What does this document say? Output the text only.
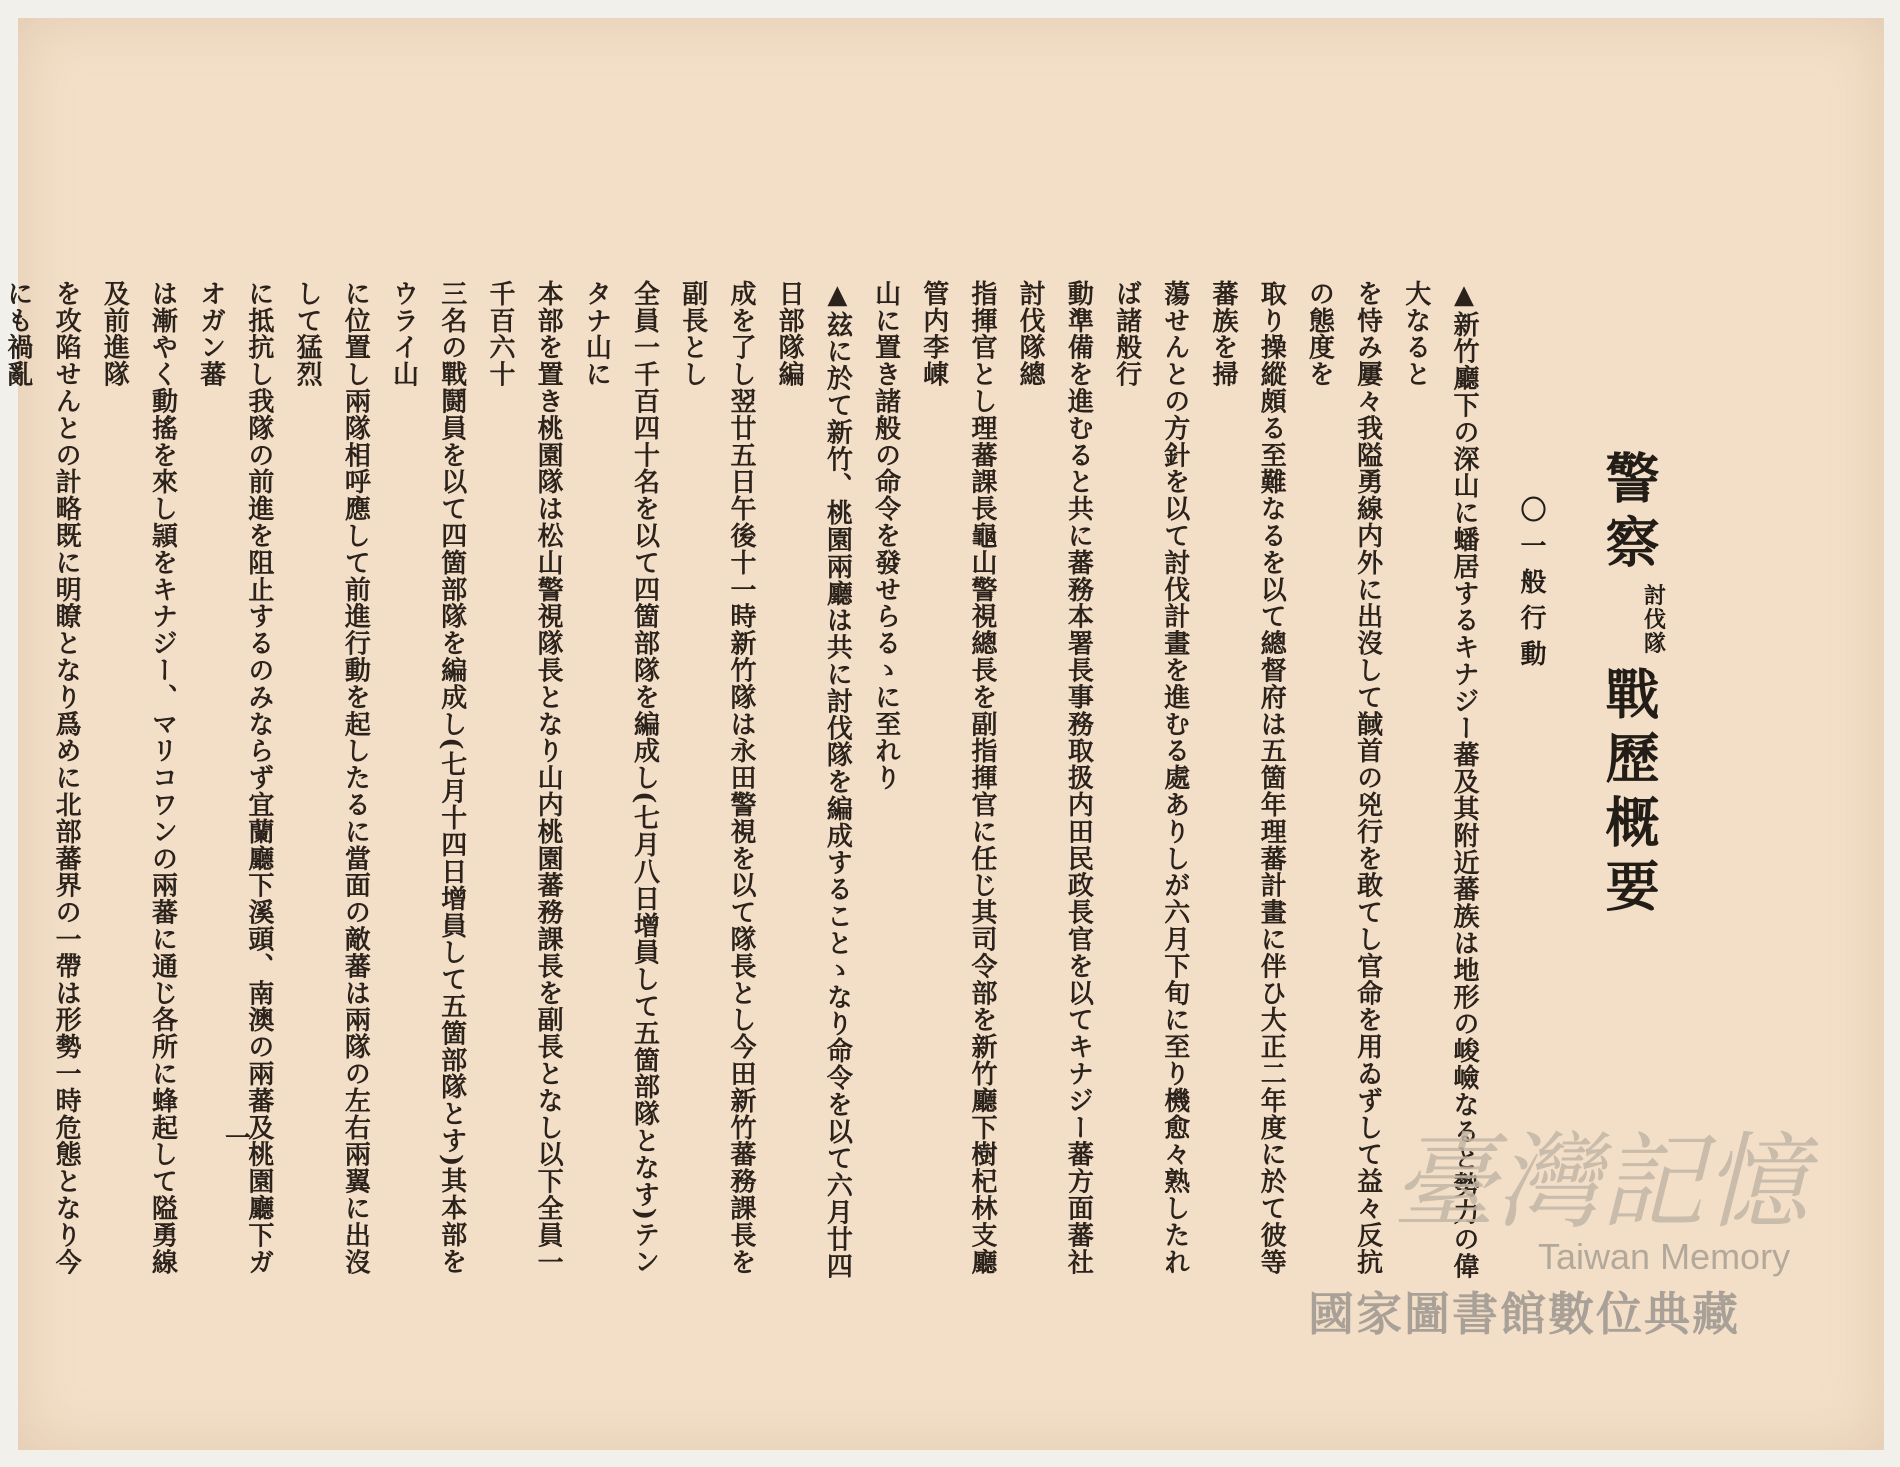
警察
討伐隊
戰歷概要
〇一般行動
▲新竹廳下の深山に蟠居するキナジー蕃及其附近蕃族は地形の峻嶮なると勢力の偉大なると
を恃み屢々我隘勇線内外に出沒して馘首の兇行を敢てし官命を用ゐずして益々反抗の態度を
取り操縱頗る至難なるを以て總督府は五箇年理蕃計畫に伴ひ大正二年度に於て彼等蕃族を掃
蕩せんとの方針を以て討伐計畫を進むる處ありしが六月下旬に至り機愈々熟したれば諸般行
動準備を進むると共に蕃務本署長事務取扱内田民政長官を以てキナジー蕃方面蕃社討伐隊總
指揮官とし理蕃課長龜山警視總長を副指揮官に任じ其司令部を新竹廳下樹杞林支廳管内李崠
山に置き諸般の命令を發せらるゝに至れり
▲玆に於て新竹、桃園兩廳は共に討伐隊を編成することゝなり命令を以て六月廿四日部隊編
成を了し翌廿五日午後十一時新竹隊は永田警視を以て隊長とし今田新竹蕃務課長を副長とし
全員一千百四十名を以て四箇部隊を編成し(七月八日增員して五箇部隊となす)テンタナ山に
本部を置き桃園隊は松山警視隊長となり山内桃園蕃務課長を副長となし以下全員一千百六十
三名の戰鬪員を以て四箇部隊を編成し(七月十四日增員して五箇部隊とす)其本部をウライ山
に位置し兩隊相呼應して前進行動を起したるに當面の敵蕃は兩隊の左右兩翼に出沒して猛烈
に抵抗し我隊の前進を阻止するのみならず宜蘭廳下溪頭、南澳の兩蕃及桃園廳下ガオガン蕃
は漸やく動搖を來し頴をキナジー、マリコワンの兩蕃に通じ各所に蜂起して隘勇線及前進隊
を攻陷せんとの計略既に明瞭となり爲めに北部蕃界の一帶は形勢一時危態となり今にも禍亂
一	臺灣記憶
Taiwan Memory
國家圖書館數位典藏
